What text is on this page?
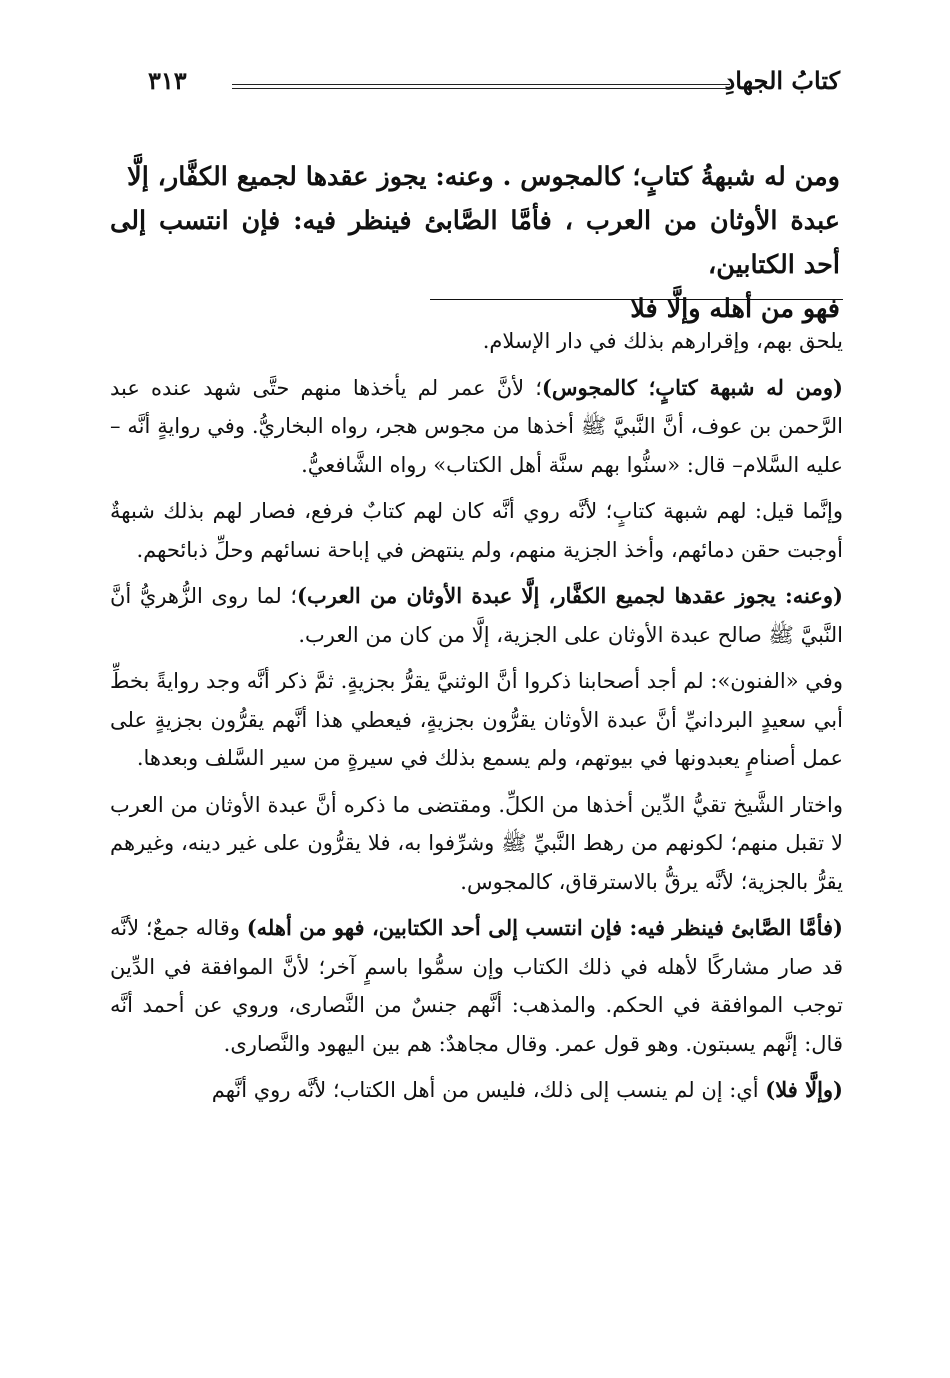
كتابُ الجهادِ
٣١٣
ومن له شبهةُ كتابٍ؛ كالمجوس . وعنه: يجوز عقدها لجميع الكفَّار، إلَّا
عبدة الأوثان من العرب ، فأمَّا الصَّابئ فينظر فيه: فإن انتسب إلى أحد الكتابين،
فهو من أهله وإلَّا فلا

يلحق بهم، وإقرارهم بذلك في دار الإسلام.

(ومن له شبهة كتابٍ؛ كالمجوس)؛ لأنَّ عمر لم يأخذها منهم حتَّى شهد عنده عبد الرَّحمن بن عوف، أنَّ النَّبيَّ ﷺ أخذها من مجوس هجر، رواه البخاريُّ. وفي روايةٍ أنَّه – عليه السَّلام– قال: «سنُّوا بهم سنَّة أهل الكتاب» رواه الشَّافعيُّ.

وإنَّما قيل: لهم شبهة كتابٍ؛ لأنَّه روي أنَّه كان لهم كتابٌ فرفع، فصار لهم بذلك شبهةٌ أوجبت حقن دمائهم، وأخذ الجزية منهم، ولم ينتهض في إباحة نسائهم وحلِّ ذبائحهم.

(وعنه: يجوز عقدها لجميع الكفَّار، إلَّا عبدة الأوثان من العرب)؛ لما روى الزُّهريُّ أنَّ النَّبيَّ ﷺ صالح عبدة الأوثان على الجزية، إلَّا من كان من العرب.

وفي «الفنون»: لم أجد أصحابنا ذكروا أنَّ الوثنيَّ يقرُّ بجزيةٍ. ثمَّ ذكر أنَّه وجد روايةً بخطِّ أبي سعيدٍ البردانيِّ أنَّ عبدة الأوثان يقرُّون بجزيةٍ، فيعطي هذا أنَّهم يقرُّون بجزيةٍ على عمل أصنامٍ يعبدونها في بيوتهم، ولم يسمع بذلك في سيرةٍ من سير السَّلف وبعدها.

واختار الشَّيخ تقيُّ الدِّين أخذها من الكلِّ. ومقتضى ما ذكره أنَّ عبدة الأوثان من العرب لا تقبل منهم؛ لكونهم من رهط النَّبيِّ ﷺ وشرِّفوا به، فلا يقرُّون على غير دينه، وغيرهم يقرُّ بالجزية؛ لأنَّه يرقُّ بالاسترقاق، كالمجوس.

(فأمَّا الصَّابئ فينظر فيه: فإن انتسب إلى أحد الكتابين، فهو من أهله) وقاله جمعٌ؛ لأنَّه قد صار مشاركًا لأهله في ذلك الكتاب وإن سمُّوا باسمٍ آخر؛ لأنَّ الموافقة في الدِّين توجب الموافقة في الحكم. والمذهب: أنَّهم جنسٌ من النَّصارى، وروي عن أحمد أنَّه قال: إنَّهم يسبتون. وهو قول عمر. وقال مجاهدٌ: هم بين اليهود والنَّصارى.

(وإلَّا فلا) أي: إن لم ينسب إلى ذلك، فليس من أهل الكتاب؛ لأنَّه روي أنَّهم
